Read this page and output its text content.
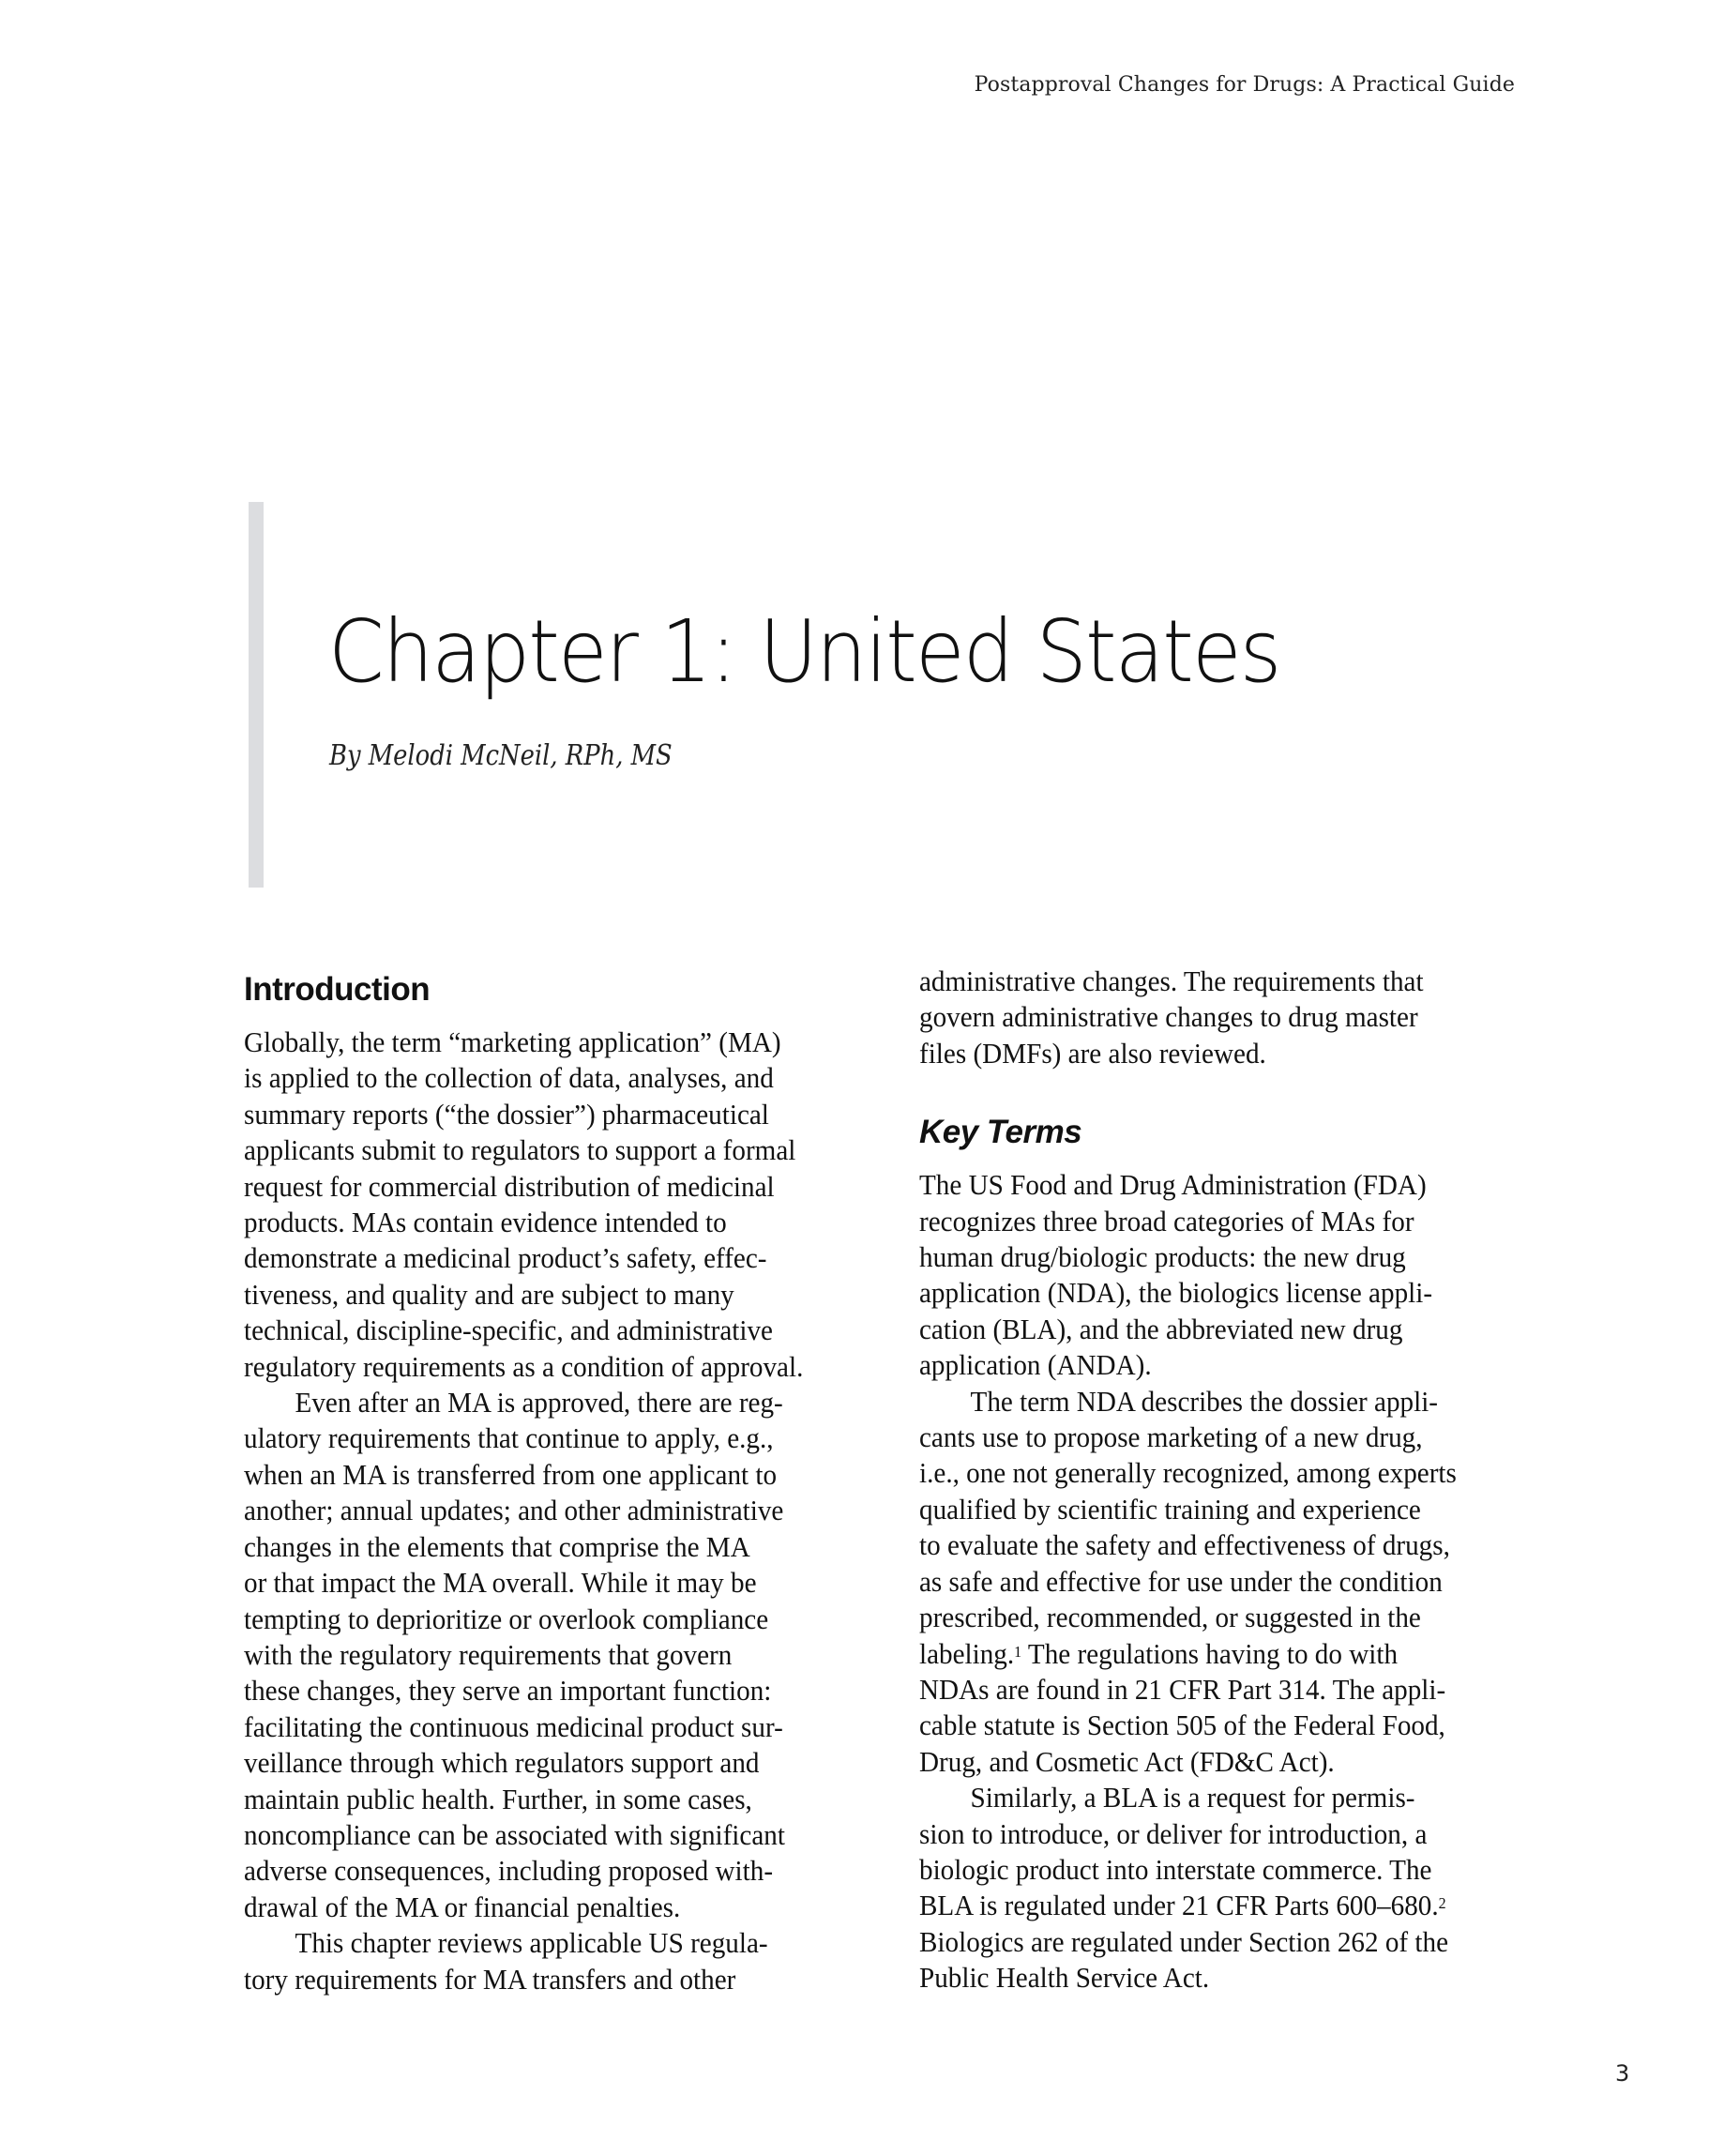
Postapproval Changes for Drugs: A Practical Guide
Chapter 1: United States

By Melodi McNeil, RPh, MS

Introduction
Globally, the term “marketing application” (MA)
is applied to the collection of data, analyses, and
summary reports (“the dossier”) pharmaceutical
applicants submit to regulators to support a formal
request for commercial distribution of medicinal
products. MAs contain evidence intended to
demonstrate a medicinal product’s safety, effec-
tiveness, and quality and are subject to many
technical, discipline-specific, and administrative
regulatory requirements as a condition of approval.
Even after an MA is approved, there are reg-
ulatory requirements that continue to apply, e.g.,
when an MA is transferred from one applicant to
another; annual updates; and other administrative
changes in the elements that comprise the MA
or that impact the MA overall. While it may be
tempting to deprioritize or overlook compliance
with the regulatory requirements that govern
these changes, they serve an important function:
facilitating the continuous medicinal product sur-
veillance through which regulators support and
maintain public health. Further, in some cases,
noncompliance can be associated with significant
adverse consequences, including proposed with-
drawal of the MA or financial penalties.
This chapter reviews applicable US regula-
tory requirements for MA transfers and other
administrative changes. The requirements that
govern administrative changes to drug master
files (DMFs) are also reviewed.
Key Terms
The US Food and Drug Administration (FDA)
recognizes three broad categories of MAs for
human drug/biologic products: the new drug
application (NDA), the biologics license appli-
cation (BLA), and the abbreviated new drug
application (ANDA).
The term NDA describes the dossier appli-
cants use to propose marketing of a new drug,
i.e., one not generally recognized, among experts
qualified by scientific training and experience
to evaluate the safety and effectiveness of drugs,
as safe and effective for use under the condition
prescribed, recommended, or suggested in the
labeling.$^1$ The regulations having to do with
NDAs are found in 21 CFR Part 314. The appli-
cable statute is Section 505 of the Federal Food,
Drug, and Cosmetic Act (FD&C Act).
Similarly, a BLA is a request for permis-
sion to introduce, or deliver for introduction, a
biologic product into interstate commerce. The
BLA is regulated under 21 CFR Parts 600–680.$^2$
Biologics are regulated under Section 262 of the
Public Health Service Act.
3
